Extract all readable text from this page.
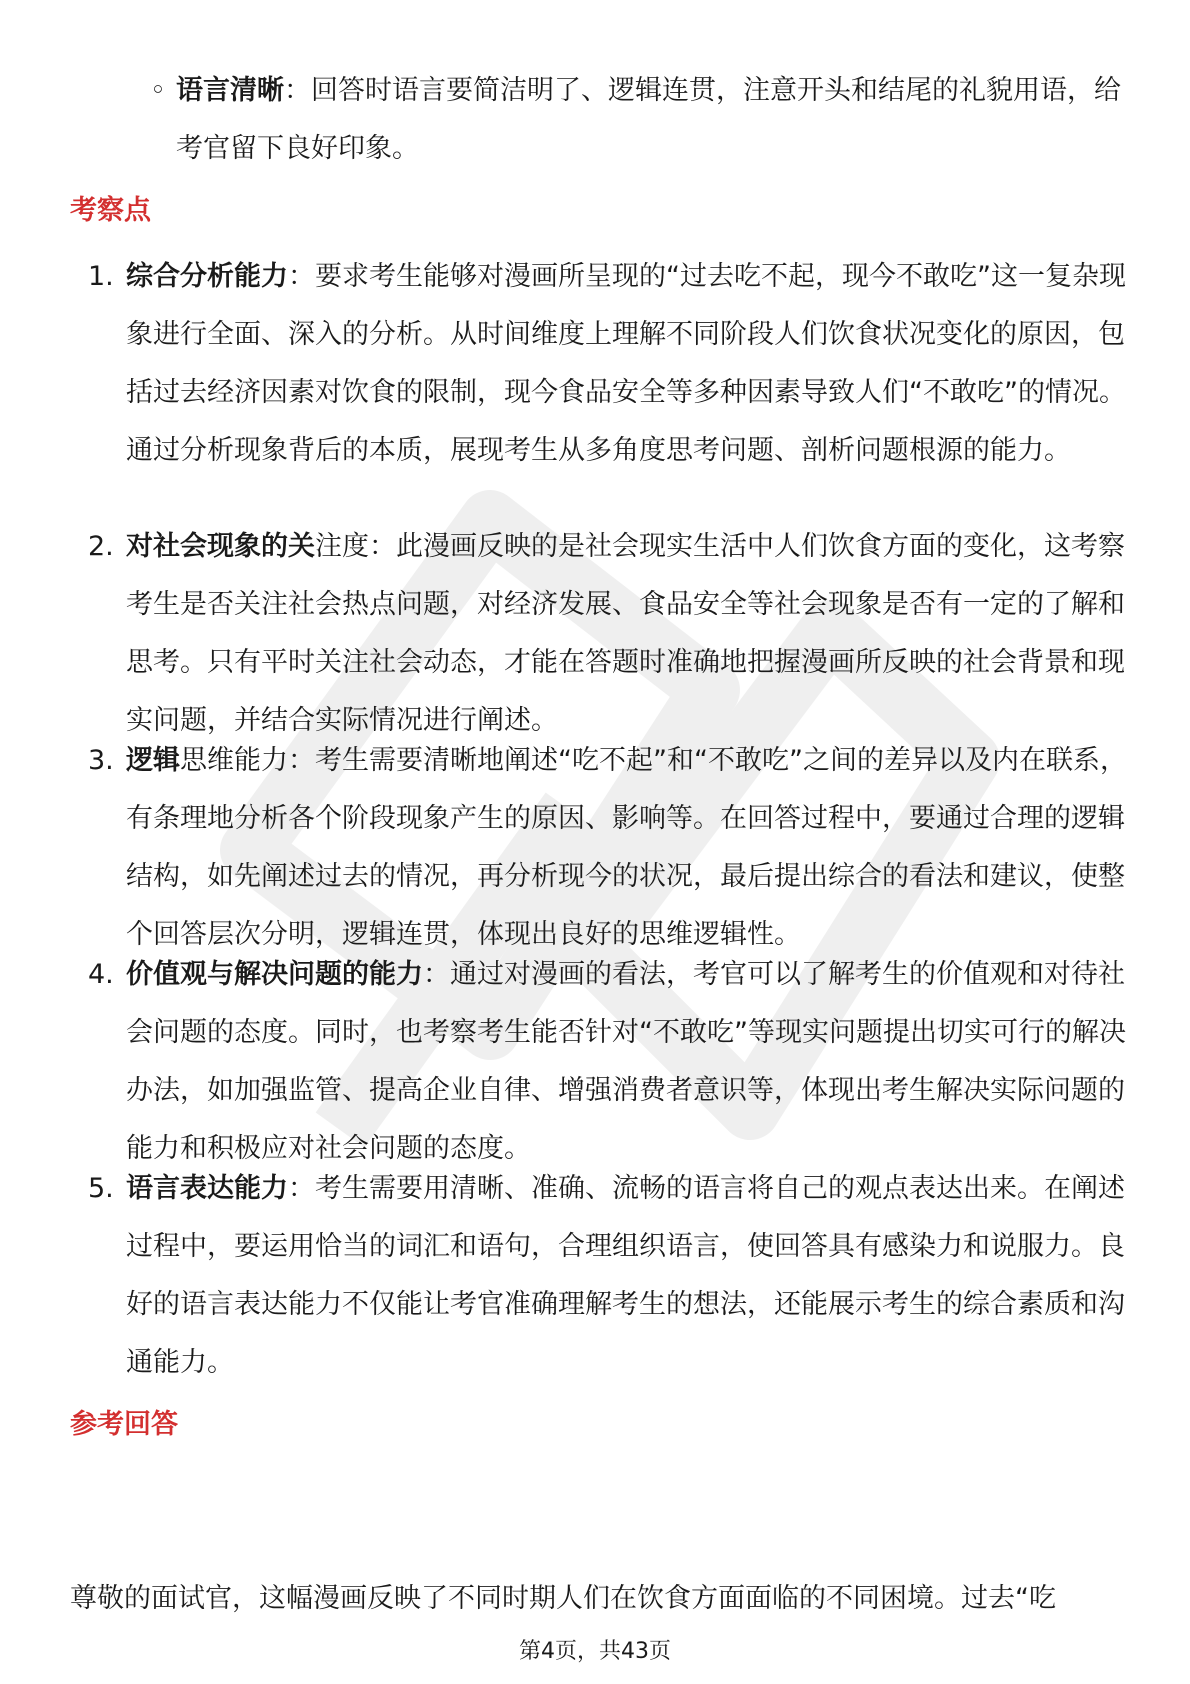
◦ 语言清晰：回答时语言要简洁明了、逻辑连贯，注意开头和结尾的礼貌用语，给考官留下良好印象。
考察点
1. 综合分析能力：要求考生能够对漫画所呈现的“过去吃不起，现今不敢吃”这一复杂现象进行全面、深入的分析。从时间维度上理解不同阶段人们饮食状况变化的原因，包括过去经济因素对饮食的限制，现今食品安全等多种因素导致人们“不敢吃”的情况。通过分析现象背后的本质，展现考生从多角度思考问题、剖析问题根源的能力。
2. 对社会现象的关注度：此漫画反映的是社会现实生活中人们饮食方面的变化，这考察考生是否关注社会热点问题，对经济发展、食品安全等社会现象是否有一定的了解和思考。只有平时关注社会动态，才能在答题时准确地把握漫画所反映的社会背景和现实问题，并结合实际情况进行阐述。
3. 逻辑思维能力：考生需要清晰地阐述“吃不起”和“不敢吃”之间的差异以及内在联系，有条理地分析各个阶段现象产生的原因、影响等。在回答过程中，要通过合理的逻辑结构，如先阐述过去的情况，再分析现今的状况，最后提出综合的看法和建议，使整个回答层次分明，逻辑连贯，体现出良好的思维逻辑性。
4. 价值观与解决问题的能力：通过对漫画的看法，考官可以了解考生的价值观和对待社会问题的态度。同时，也考察考生能否针对“不敢吃”等现实问题提出切实可行的解决办法，如加强监管、提高企业自律、增强消费者意识等，体现出考生解决实际问题的能力和积极应对社会问题的态度。
5. 语言表达能力：考生需要用清晰、准确、流畅的语言将自己的观点表达出来。在阐述过程中，要运用恰当的词汇和语句，合理组织语言，使回答具有感染力和说服力。良好的语言表达能力不仅能让考官准确理解考生的想法，还能展示考生的综合素质和沟通能力。
参考回答
尊敬的面试官，这幅漫画反映了不同时期人们在饮食方面面临的不同困境。过去“吃
第4页，共43页
